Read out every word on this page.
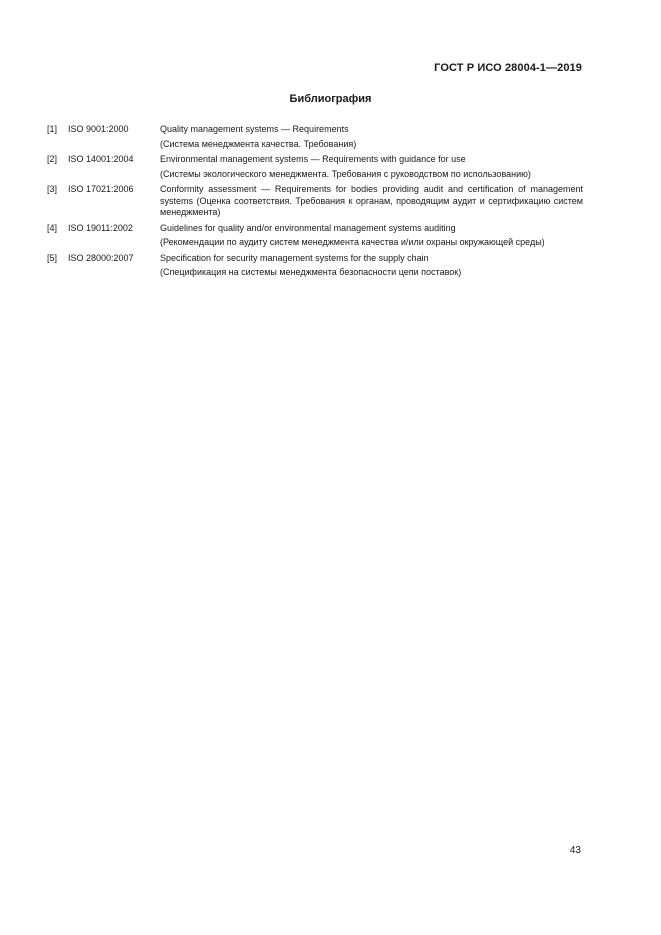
ГОСТ Р ИСО 28004-1—2019
Библиография
[1]	ISO 9001:2000	Quality management systems — Requirements
(Система менеджмента качества. Требования)
[2]	ISO 14001:2004	Environmental management systems — Requirements with guidance for use
(Системы экологического менеджмента. Требования с руководством по использованию)
[3]	ISO 17021:2006	Conformity assessment — Requirements for bodies providing audit and certification of management systems (Оценка соответствия. Требования к органам, проводящим аудит и сертификацию систем менеджмента)
[4]	ISO 19011:2002	Guidelines for quality and/or environmental management systems auditing
(Рекомендации по аудиту систем менеджмента качества и/или охраны окружающей среды)
[5]	ISO 28000:2007	Specification for security management systems for the supply chain
(Спецификация на системы менеджмента безопасности цепи поставок)
43
